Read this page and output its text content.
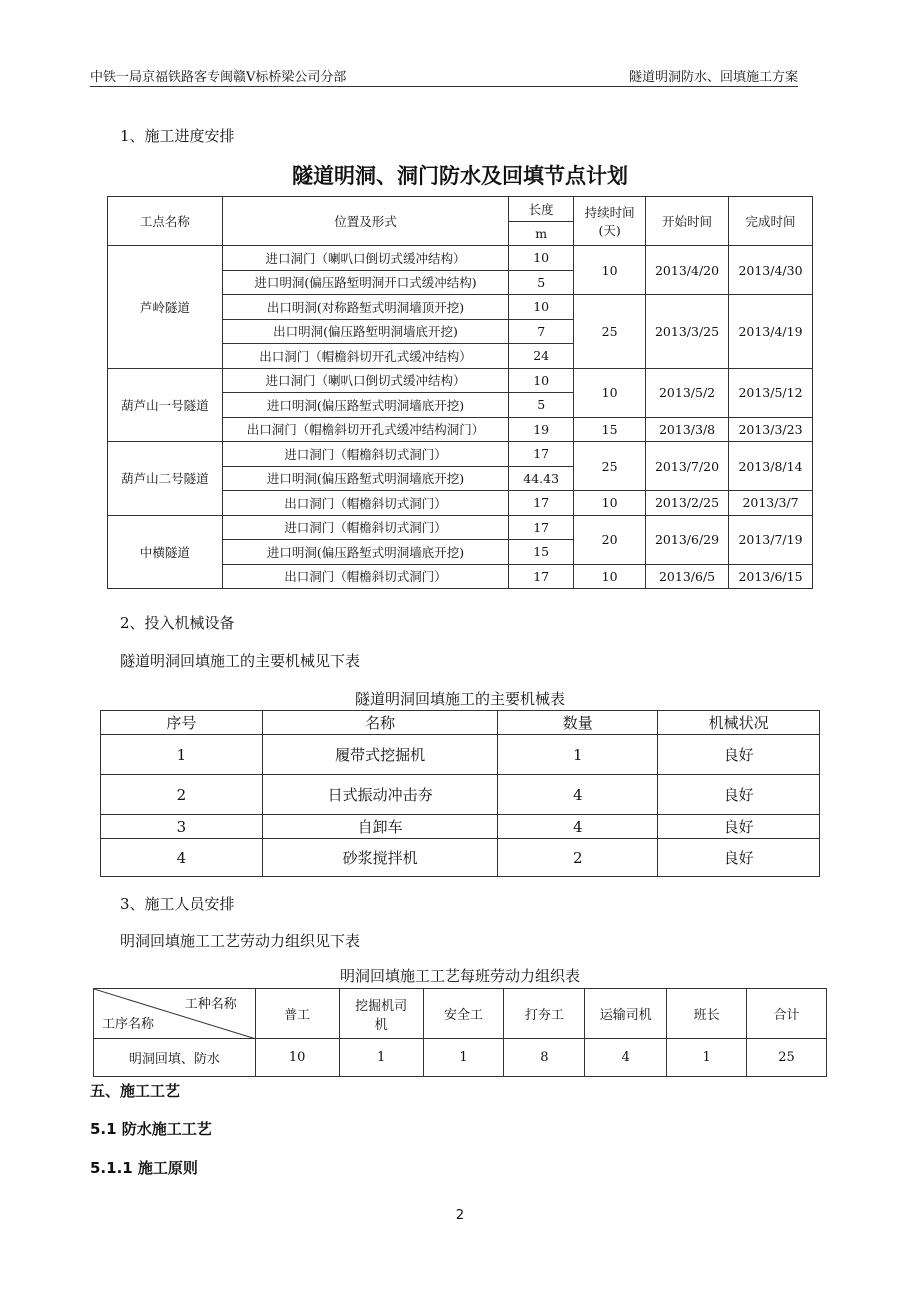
中铁一局京福铁路客专闽赣Ⅴ标桥梁公司分部	隧道明洞防水、回填施工方案
1、施工进度安排
隧道明洞、洞门防水及回填节点计划
工点名称	位置及形式	长度	持续时间(天)	开始时间	完成时间
		m			
芦岭隧道	进口洞门（喇叭口倒切式缓冲结构）	10	10	2013/4/20	2013/4/30
	进口明洞(偏压路堑明洞开口式缓冲结构)	5			
	出口明洞(对称路堑式明洞墙顶开挖)	10	25	2013/3/25	2013/4/19
	出口明洞(偏压路堑明洞墙底开挖)	7			
	出口洞门（帽檐斜切开孔式缓冲结构）	24			
葫芦山一号隧道	进口洞门（喇叭口倒切式缓冲结构）	10	10	2013/5/2	2013/5/12
	进口明洞(偏压路堑式明洞墙底开挖)	5			
	出口洞门（帽檐斜切开孔式缓冲结构洞门）	19	15	2013/3/8	2013/3/23
葫芦山二号隧道	进口洞门（帽檐斜切式洞门）	17	25	2013/7/20	2013/8/14
	进口明洞(偏压路堑式明洞墙底开挖)	44.43			
	出口洞门（帽檐斜切式洞门）	17	10	2013/2/25	2013/3/7
中横隧道	进口洞门（帽檐斜切式洞门）	17	20	2013/6/29	2013/7/19
	进口明洞(偏压路堑式明洞墙底开挖)	15			
	出口洞门（帽檐斜切式洞门）	17	10	2013/6/5	2013/6/15
2、投入机械设备
隧道明洞回填施工的主要机械见下表
隧道明洞回填施工的主要机械表
序号	名称	数量	机械状况
1	履带式挖掘机	1	良好
2	日式振动冲击夯	4	良好
3	自卸车	4	良好
4	砂浆搅拌机	2	良好
3、施工人员安排
明洞回填施工工艺劳动力组织见下表
明洞回填施工工艺每班劳动力组织表
工种名称
工序名称	普工	挖掘机司机	安全工	打夯工	运输司机	班长	合计
明洞回填、防水	10	1	1	8	4	1	25
五、施工工艺
5.1 防水施工工艺
5.1.1 施工原则
2
